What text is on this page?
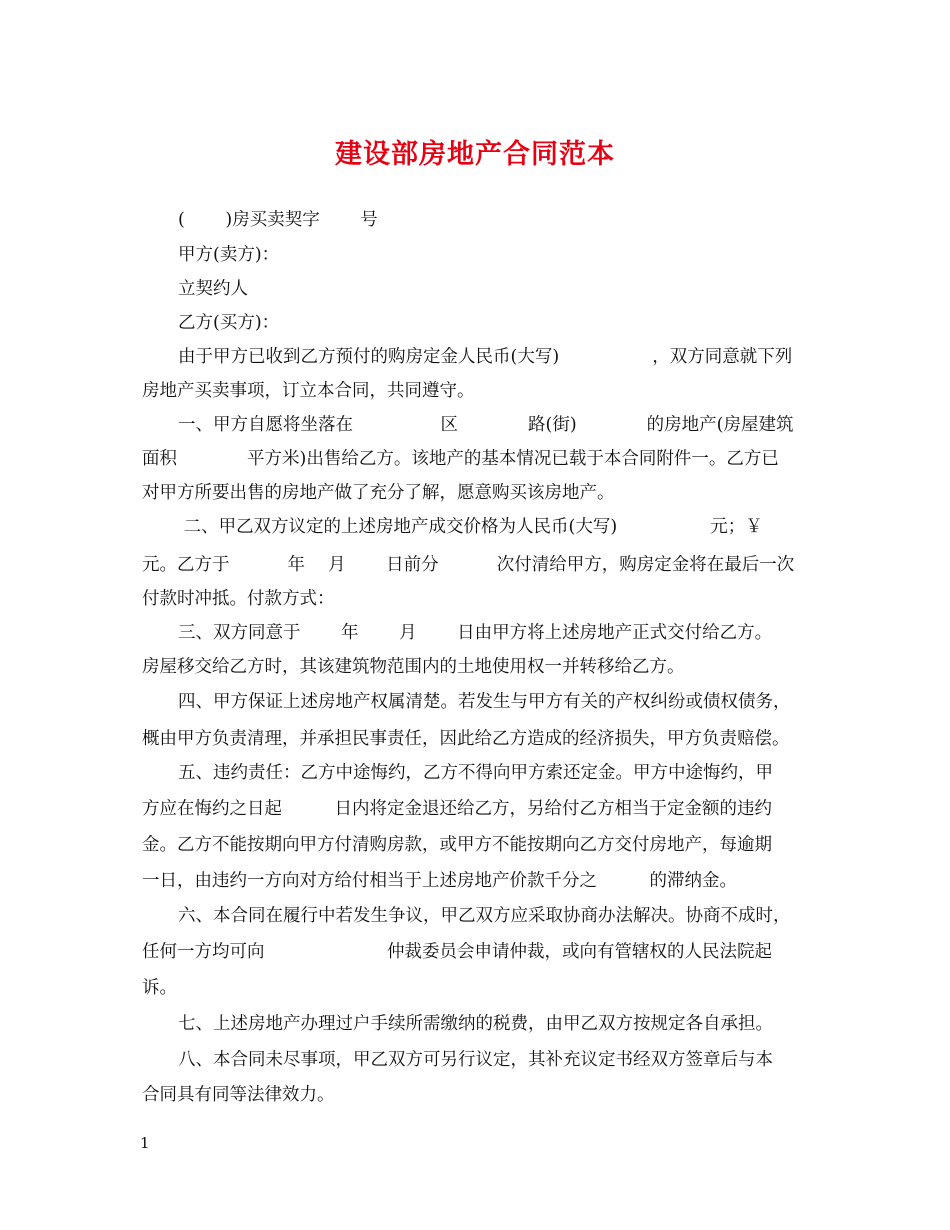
建设部房地产合同范本
(　　 )房买卖契字　　 号
甲方(卖方)：
立契约人
乙方(买方)：
由于甲方已收到乙方预付的购房定金人民币(大写)　　　　　 ，双方同意就下列
房地产买卖事项，订立本合同，共同遵守。
一、甲方自愿将坐落在　　　　　区　　　　路(街)　　　　的房地产(房屋建筑
面积　　　　平方米)出售给乙方。该地产的基本情况已载于本合同附件一。乙方已
对甲方所要出售的房地产做了充分了解，愿意购买该房地产。
二、甲乙双方议定的上述房地产成交价格为人民币(大写)　　　　　 元；￥
元。乙方于　　　 年　 月　　 日前分　　　 次付清给甲方，购房定金将在最后一次
付款时冲抵。付款方式：
三、双方同意于　　 年　　 月　　 日由甲方将上述房地产正式交付给乙方。
房屋移交给乙方时，其该建筑物范围内的土地使用权一并转移给乙方。
四、甲方保证上述房地产权属清楚。若发生与甲方有关的产权纠纷或债权债务，
概由甲方负责清理，并承担民事责任，因此给乙方造成的经济损失，甲方负责赔偿。
五、违约责任：乙方中途悔约，乙方不得向甲方索还定金。甲方中途悔约，甲
方应在悔约之日起　　　日内将定金退还给乙方，另给付乙方相当于定金额的违约
金。乙方不能按期向甲方付清购房款，或甲方不能按期向乙方交付房地产，每逾期
一日，由违约一方向对方给付相当于上述房地产价款千分之　　　的滞纳金。
六、本合同在履行中若发生争议，甲乙双方应采取协商办法解决。协商不成时，
任何一方均可向　　　　　　　仲裁委员会申请仲裁，或向有管辖权的人民法院起
诉。
七、上述房地产办理过户手续所需缴纳的税费，由甲乙双方按规定各自承担。
八、本合同未尽事项，甲乙双方可另行议定，其补充议定书经双方签章后与本
合同具有同等法律效力。
1
